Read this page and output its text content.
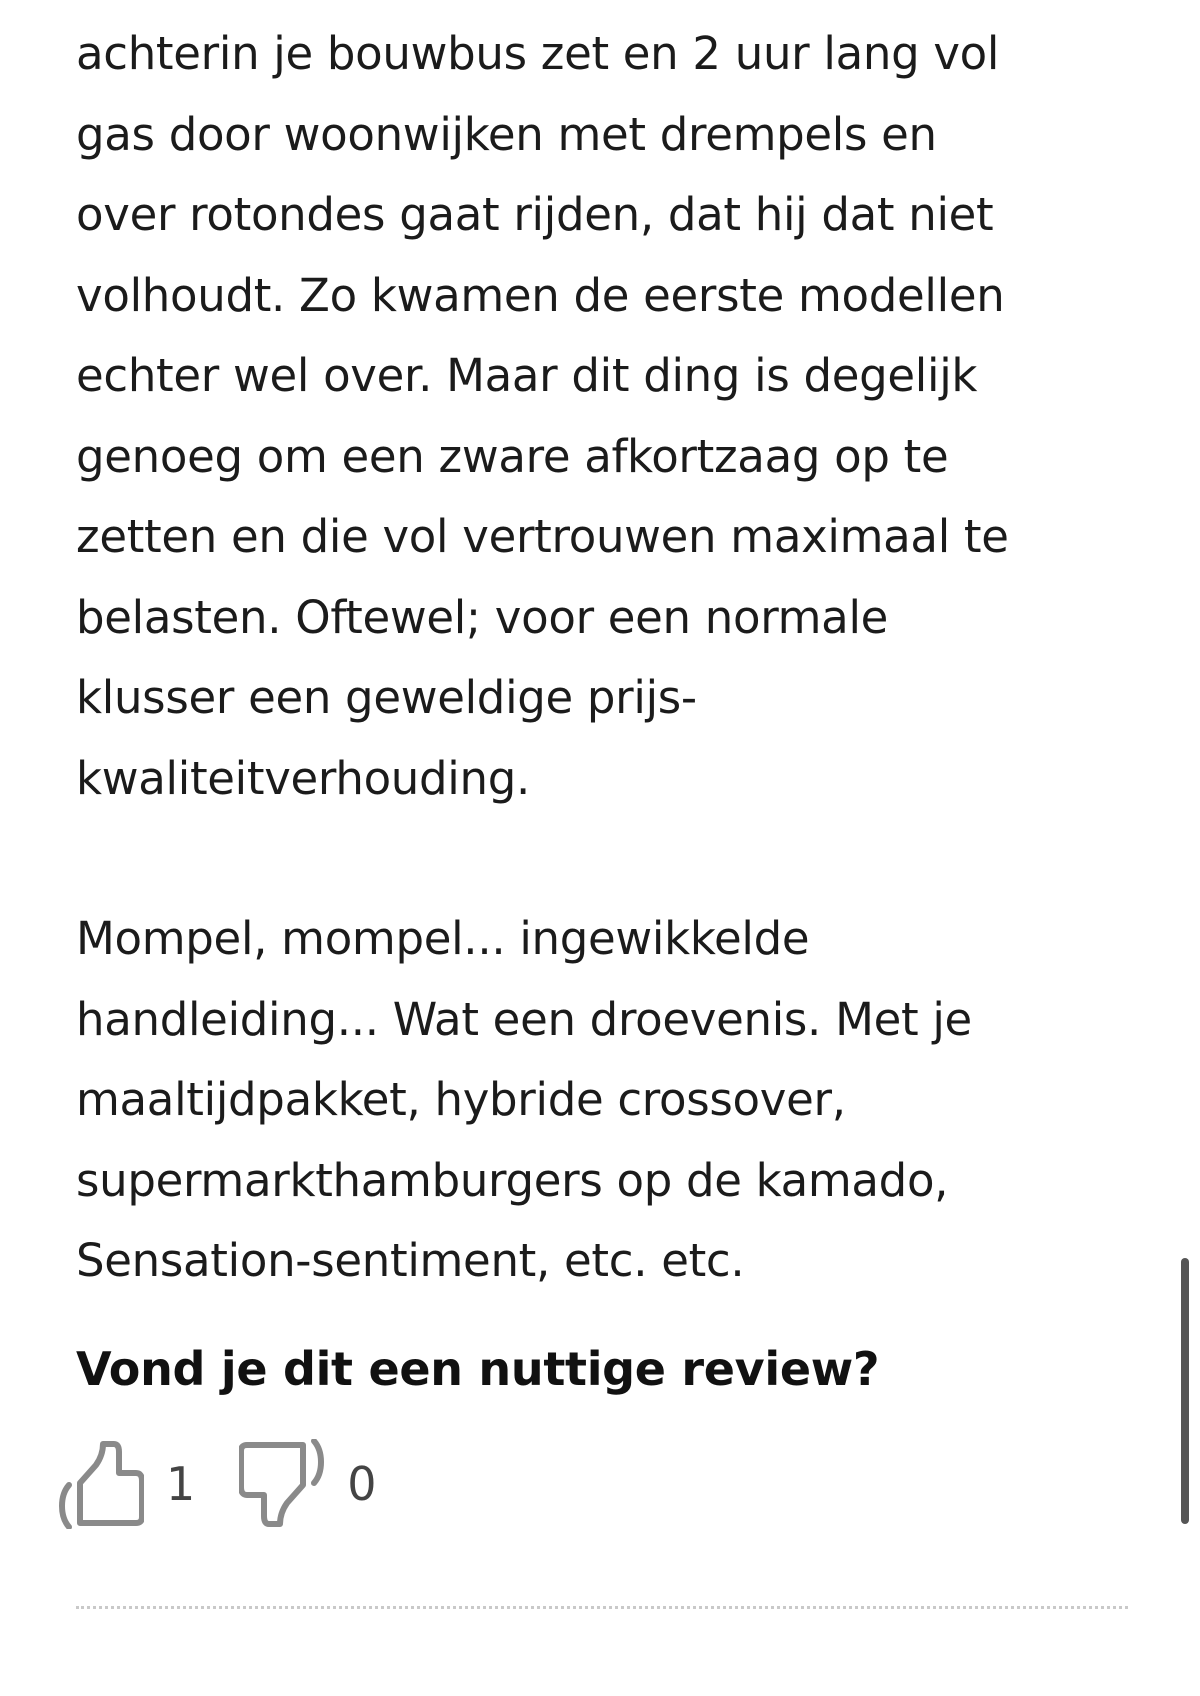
achterin je bouwbus zet en 2 uur lang vol
gas door woonwijken met drempels en
over rotondes gaat rijden, dat hij dat niet
volhoudt. Zo kwamen de eerste modellen
echter wel over. Maar dit ding is degelijk
genoeg om een zware afkortzaag op te
zetten en die vol vertrouwen maximaal te
belasten. Oftewel; voor een normale
klusser een geweldige prijs-
kwaliteitverhouding.

Mompel, mompel... ingewikkelde
handleiding... Wat een droevenis. Met je
maaltijdpakket, hybride crossover,
supermarkthamburgers op de kamado,
Sensation-sentiment, etc. etc.

Vond je dit een nuttige review?
1	0
